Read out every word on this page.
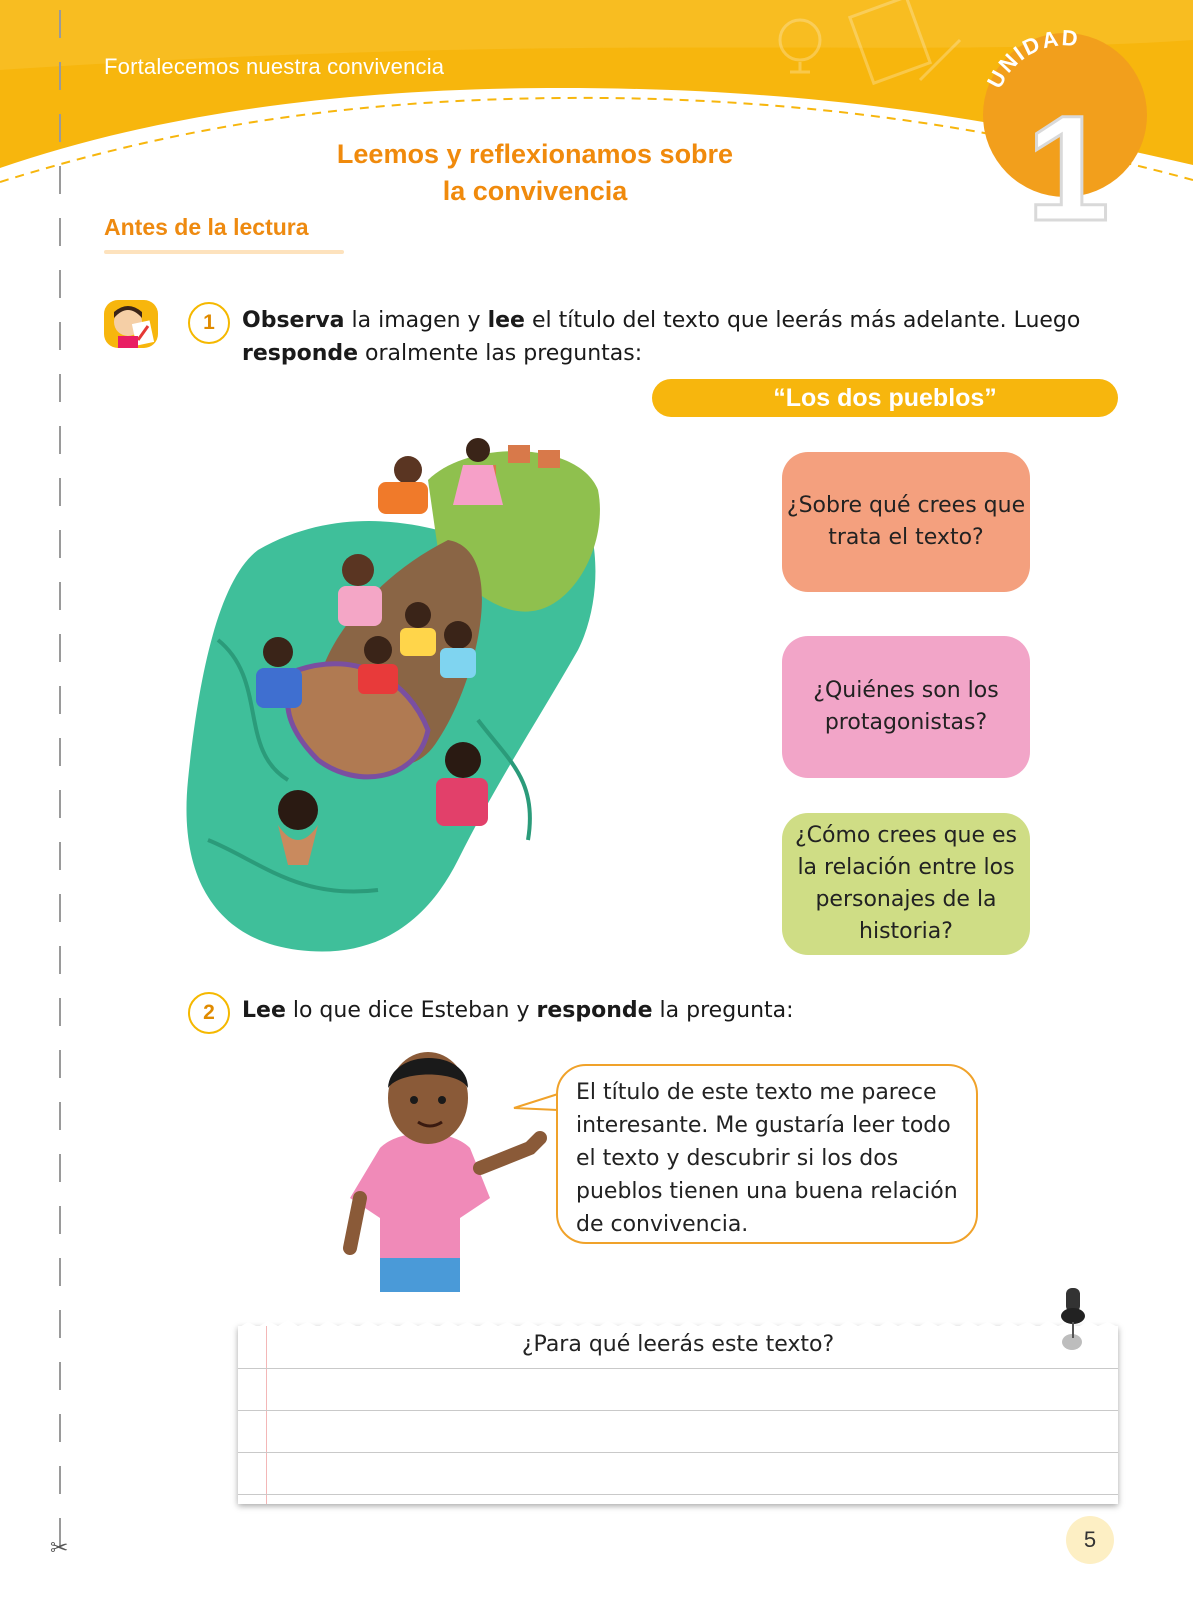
Fortalecemos nuestra convivencia	UNIDAD
1
✂
Leemos y reflexionamos sobre
la convivencia
Antes de la lectura
1	Observa la imagen y lee el título del texto que leerás más adelante. Luego responde oralmente las preguntas:
“Los dos pueblos”
¿Sobre qué crees que trata el texto?
¿Quiénes son los protagonistas?
¿Cómo crees que es la relación entre los personajes de la historia?
2	Lee lo que dice Esteban y responde la pregunta:
El título de este texto me parece interesante. Me gustaría leer todo el texto y descubrir si los dos pueblos tienen una buena relación de convivencia.
¿Para qué leerás este texto?
5
